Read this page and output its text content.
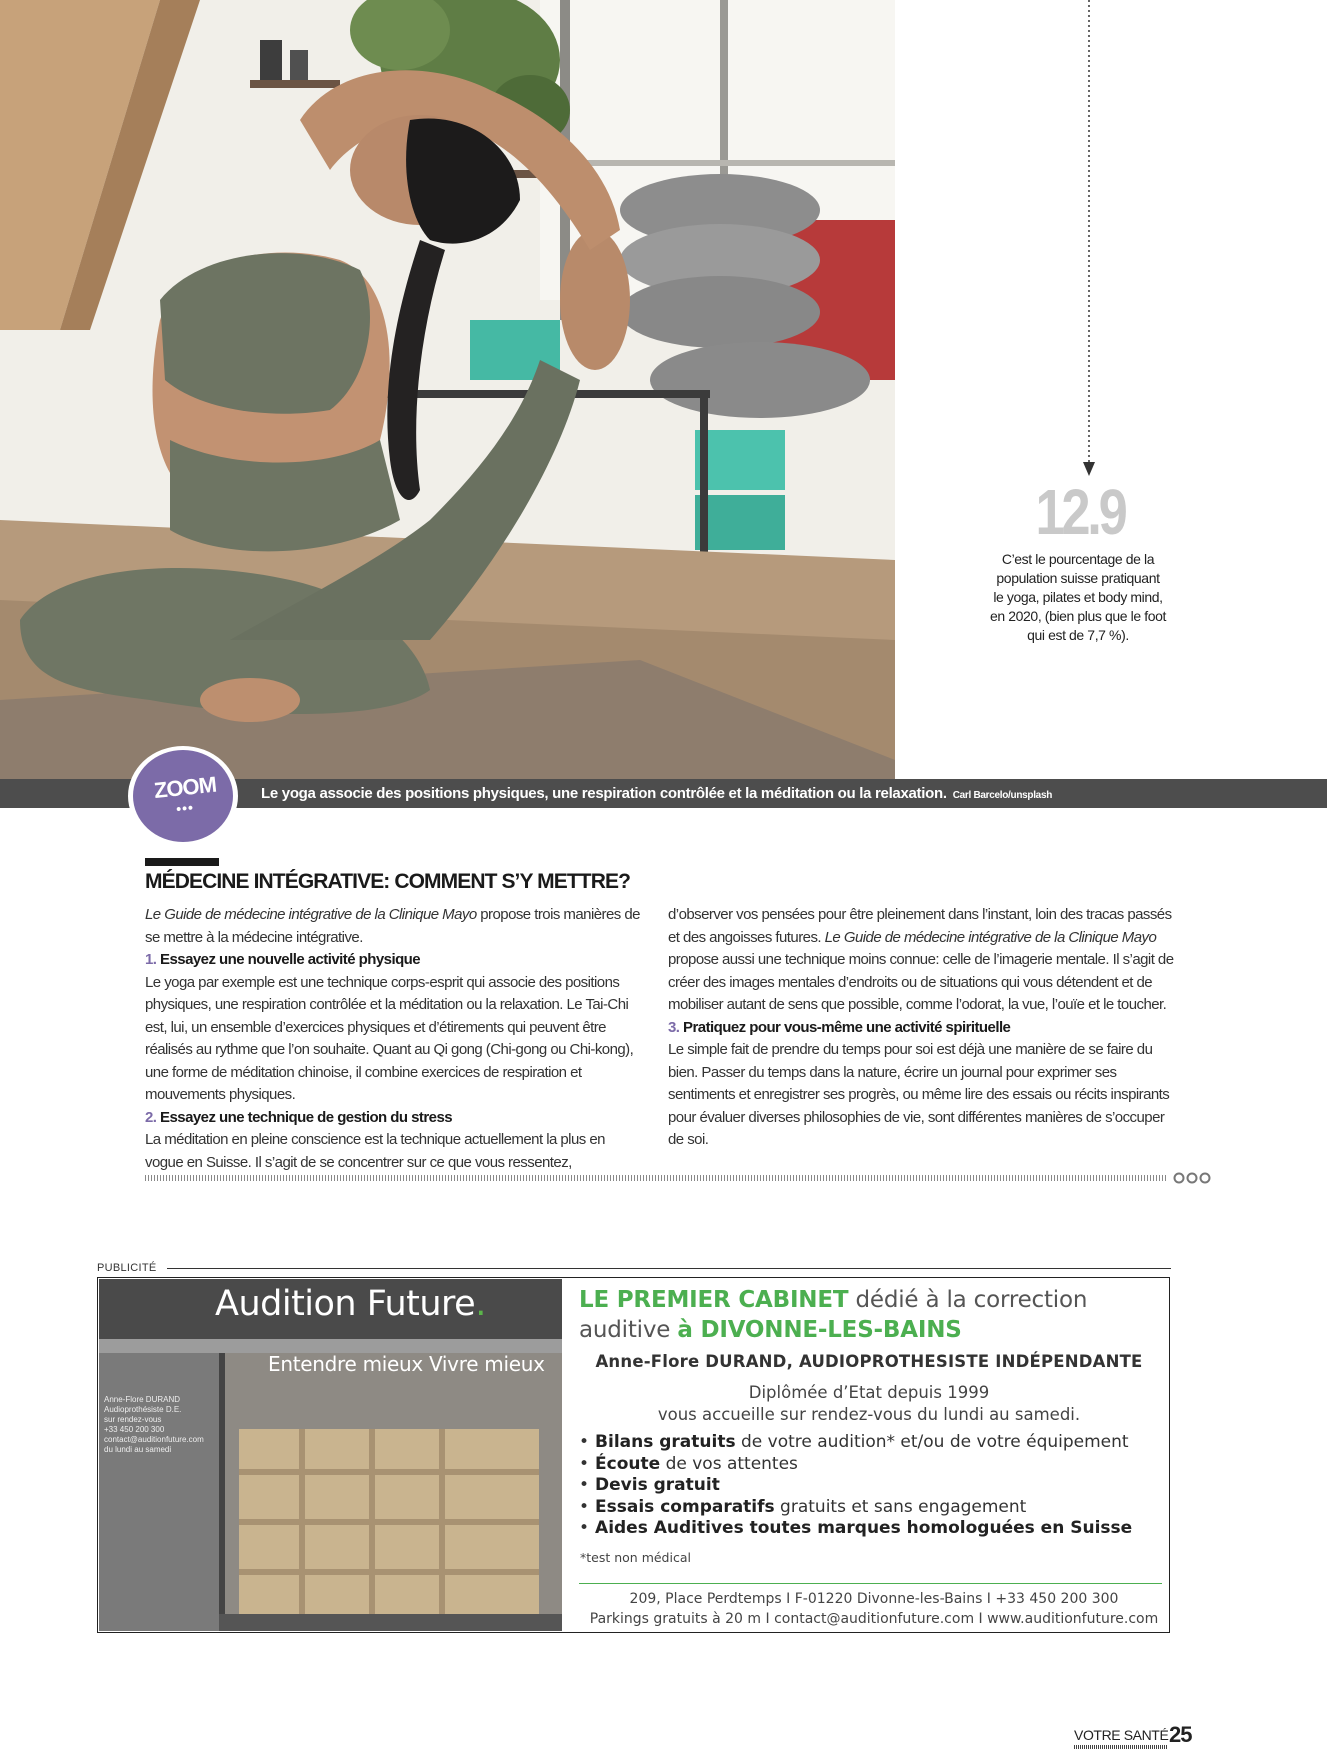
12.9
C’est le pourcentage de la population suisse pratiquant le yoga, pilates et body mind, en 2020, (bien plus que le foot qui est de 7,7 %).
Le yoga associe des positions physiques, une respiration contrôlée et la méditation ou la relaxation. Carl Barcelo/unsplash
ZOOM
•••
MÉDECINE INTÉGRATIVE: COMMENT S’Y METTRE?

Le Guide de médecine intégrative de la Clinique Mayo propose trois manières de se mettre à la médecine intégrative.

1. Essayez une nouvelle activité physique

Le yoga par exemple est une technique corps-esprit qui associe des positions physiques, une respiration contrôlée et la méditation ou la relaxation. Le Tai-Chi est, lui, un ensemble d’exercices physiques et d’étirements qui peuvent être réalisés au rythme que l’on souhaite. Quant au Qi gong (Chi-gong ou Chi-kong), une forme de méditation chinoise, il combine exercices de respiration et mouvements physiques.

2. Essayez une technique de gestion du stress

La méditation en pleine conscience est la technique actuellement la plus en vogue en Suisse. Il s’agit de se concentrer sur ce que vous ressentez,

d’observer vos pensées pour être pleinement dans l’instant, loin des tracas passés et des angoisses futures. Le Guide de médecine intégrative de la Clinique Mayo propose aussi une technique moins connue: celle de l’imagerie mentale. Il s’agit de créer des images mentales d’endroits ou de situations qui vous détendent et de mobiliser autant de sens que possible, comme l’odorat, la vue, l’ouïe et le toucher.

3. Pratiquez pour vous-même une activité spirituelle

Le simple fait de prendre du temps pour soi est déjà une manière de se faire du bien. Passer du temps dans la nature, écrire un journal pour exprimer ses sentiments et enregistrer ses progrès, ou même lire des essais ou récits inspirants pour évaluer diverses philosophies de vie, sont différentes manières de s’occuper de soi.

PUBLICITÉ
Audition Future.
Entendre mieux Vivre mieux
Anne-Flore DURAND
Audioprothésiste D.E.
sur rendez-vous
+33 450 200 300
contact@auditionfuture.com
du lundi au samedi
LE PREMIER CABINET dédié à la correction auditive à DIVONNE-LES-BAINS
Anne-Flore DURAND, AUDIOPROTHESISTE INDÉPENDANTE
Diplômée d’Etat depuis 1999
vous accueille sur rendez-vous du lundi au samedi.
• Bilans gratuits de votre audition* et/ou de votre équipement
• Écoute de vos attentes
• Devis gratuit
• Essais comparatifs gratuits et sans engagement
• Aides Auditives toutes marques homologuées en Suisse
*test non médical
209, Place Perdtemps I F-01220 Divonne-les-Bains I +33 450 200 300
Parkings gratuits à 20 m I contact@auditionfuture.com I www.auditionfuture.com
VOTRE SANTÉ 25
